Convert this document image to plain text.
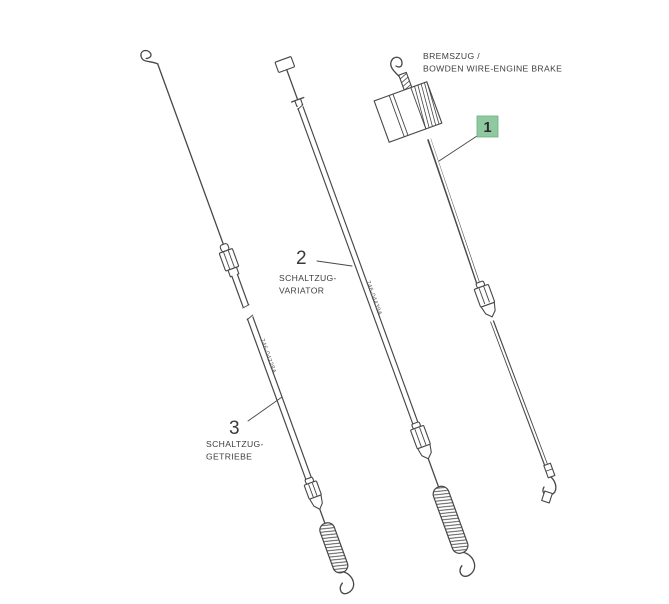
746-04228A
746-04439A
1
BREMSZUG /
BOWDEN WIRE-ENGINE BRAKE
2
SCHALTZUG-
VARIATOR
3
SCHALTZUG-
GETRIEBE
